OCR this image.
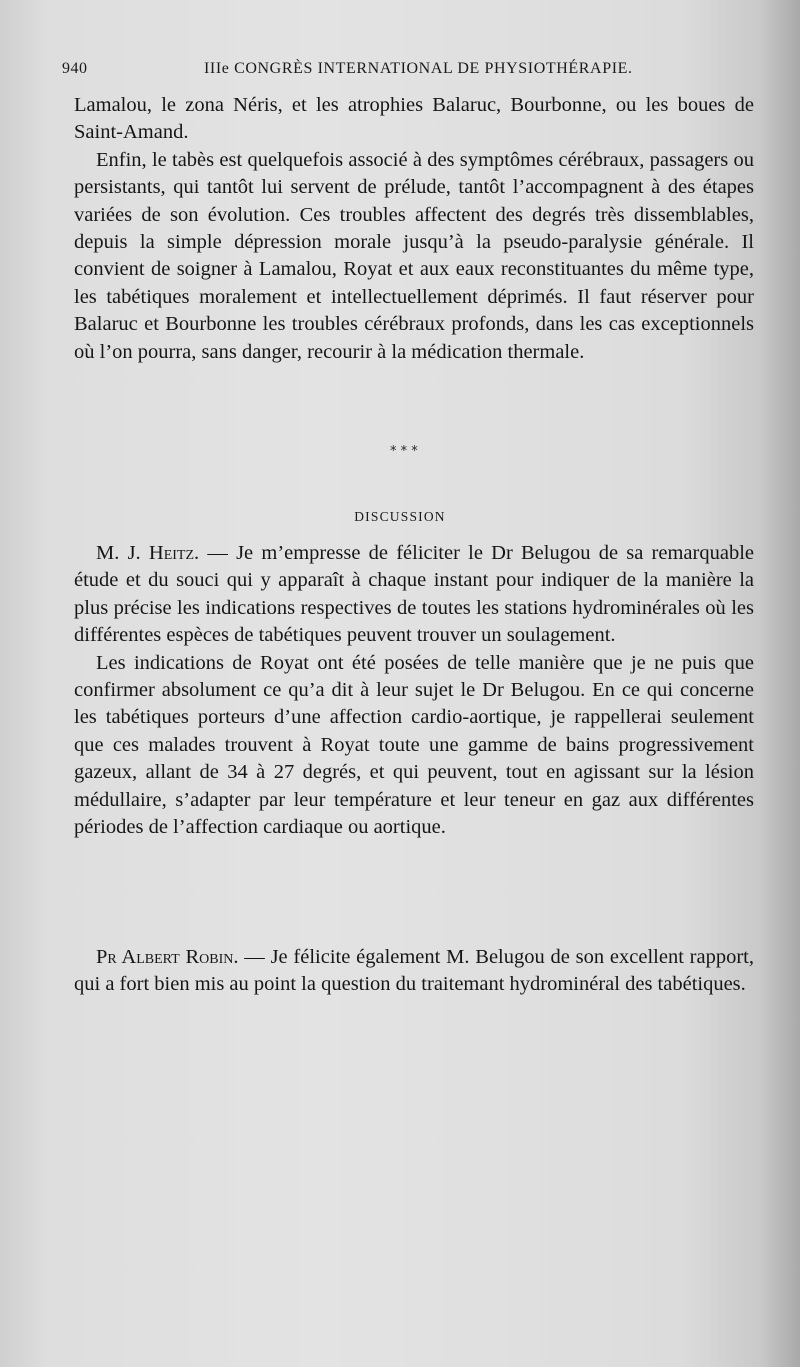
940	IIIe CONGRÈS INTERNATIONAL DE PHYSIOTHÉRAPIE.

Lamalou, le zona Néris, et les atrophies Balaruc, Bourbonne, ou les boues de Saint-Amand.

Enfin, le tabès est quelquefois associé à des symptômes cérébraux, passagers ou persistants, qui tantôt lui servent de prélude, tantôt l’accompagnent à des étapes variées de son évolution. Ces troubles affectent des degrés très dissemblables, depuis la simple dépression morale jusqu’à la pseudo-paralysie générale. Il convient de soigner à Lamalou, Royat et aux eaux reconstituantes du même type, les tabétiques moralement et intellectuellement déprimés. Il faut réserver pour Balaruc et Bourbonne les troubles cérébraux profonds, dans les cas exceptionnels où l’on pourra, sans danger, recourir à la médication thermale.

* * *
DISCUSSION

M. J. Heitz. — Je m’empresse de féliciter le Dr Belugou de sa remarquable étude et du souci qui y apparaît à chaque instant pour indiquer de la manière la plus précise les indications respectives de toutes les stations hydrominérales où les différentes espèces de tabétiques peuvent trouver un soulagement.

Les indications de Royat ont été posées de telle manière que je ne puis que confirmer absolument ce qu’a dit à leur sujet le Dr Belugou. En ce qui concerne les tabétiques porteurs d’une affection cardio-aortique, je rappellerai seulement que ces malades trouvent à Royat toute une gamme de bains progressivement gazeux, allant de 34 à 27 degrés, et qui peuvent, tout en agissant sur la lésion médullaire, s’adapter par leur température et leur teneur en gaz aux différentes périodes de l’affection cardiaque ou aortique.

Pr Albert Robin. — Je félicite également M. Belugou de son excellent rapport, qui a fort bien mis au point la question du traitemant hydrominéral des tabétiques.
